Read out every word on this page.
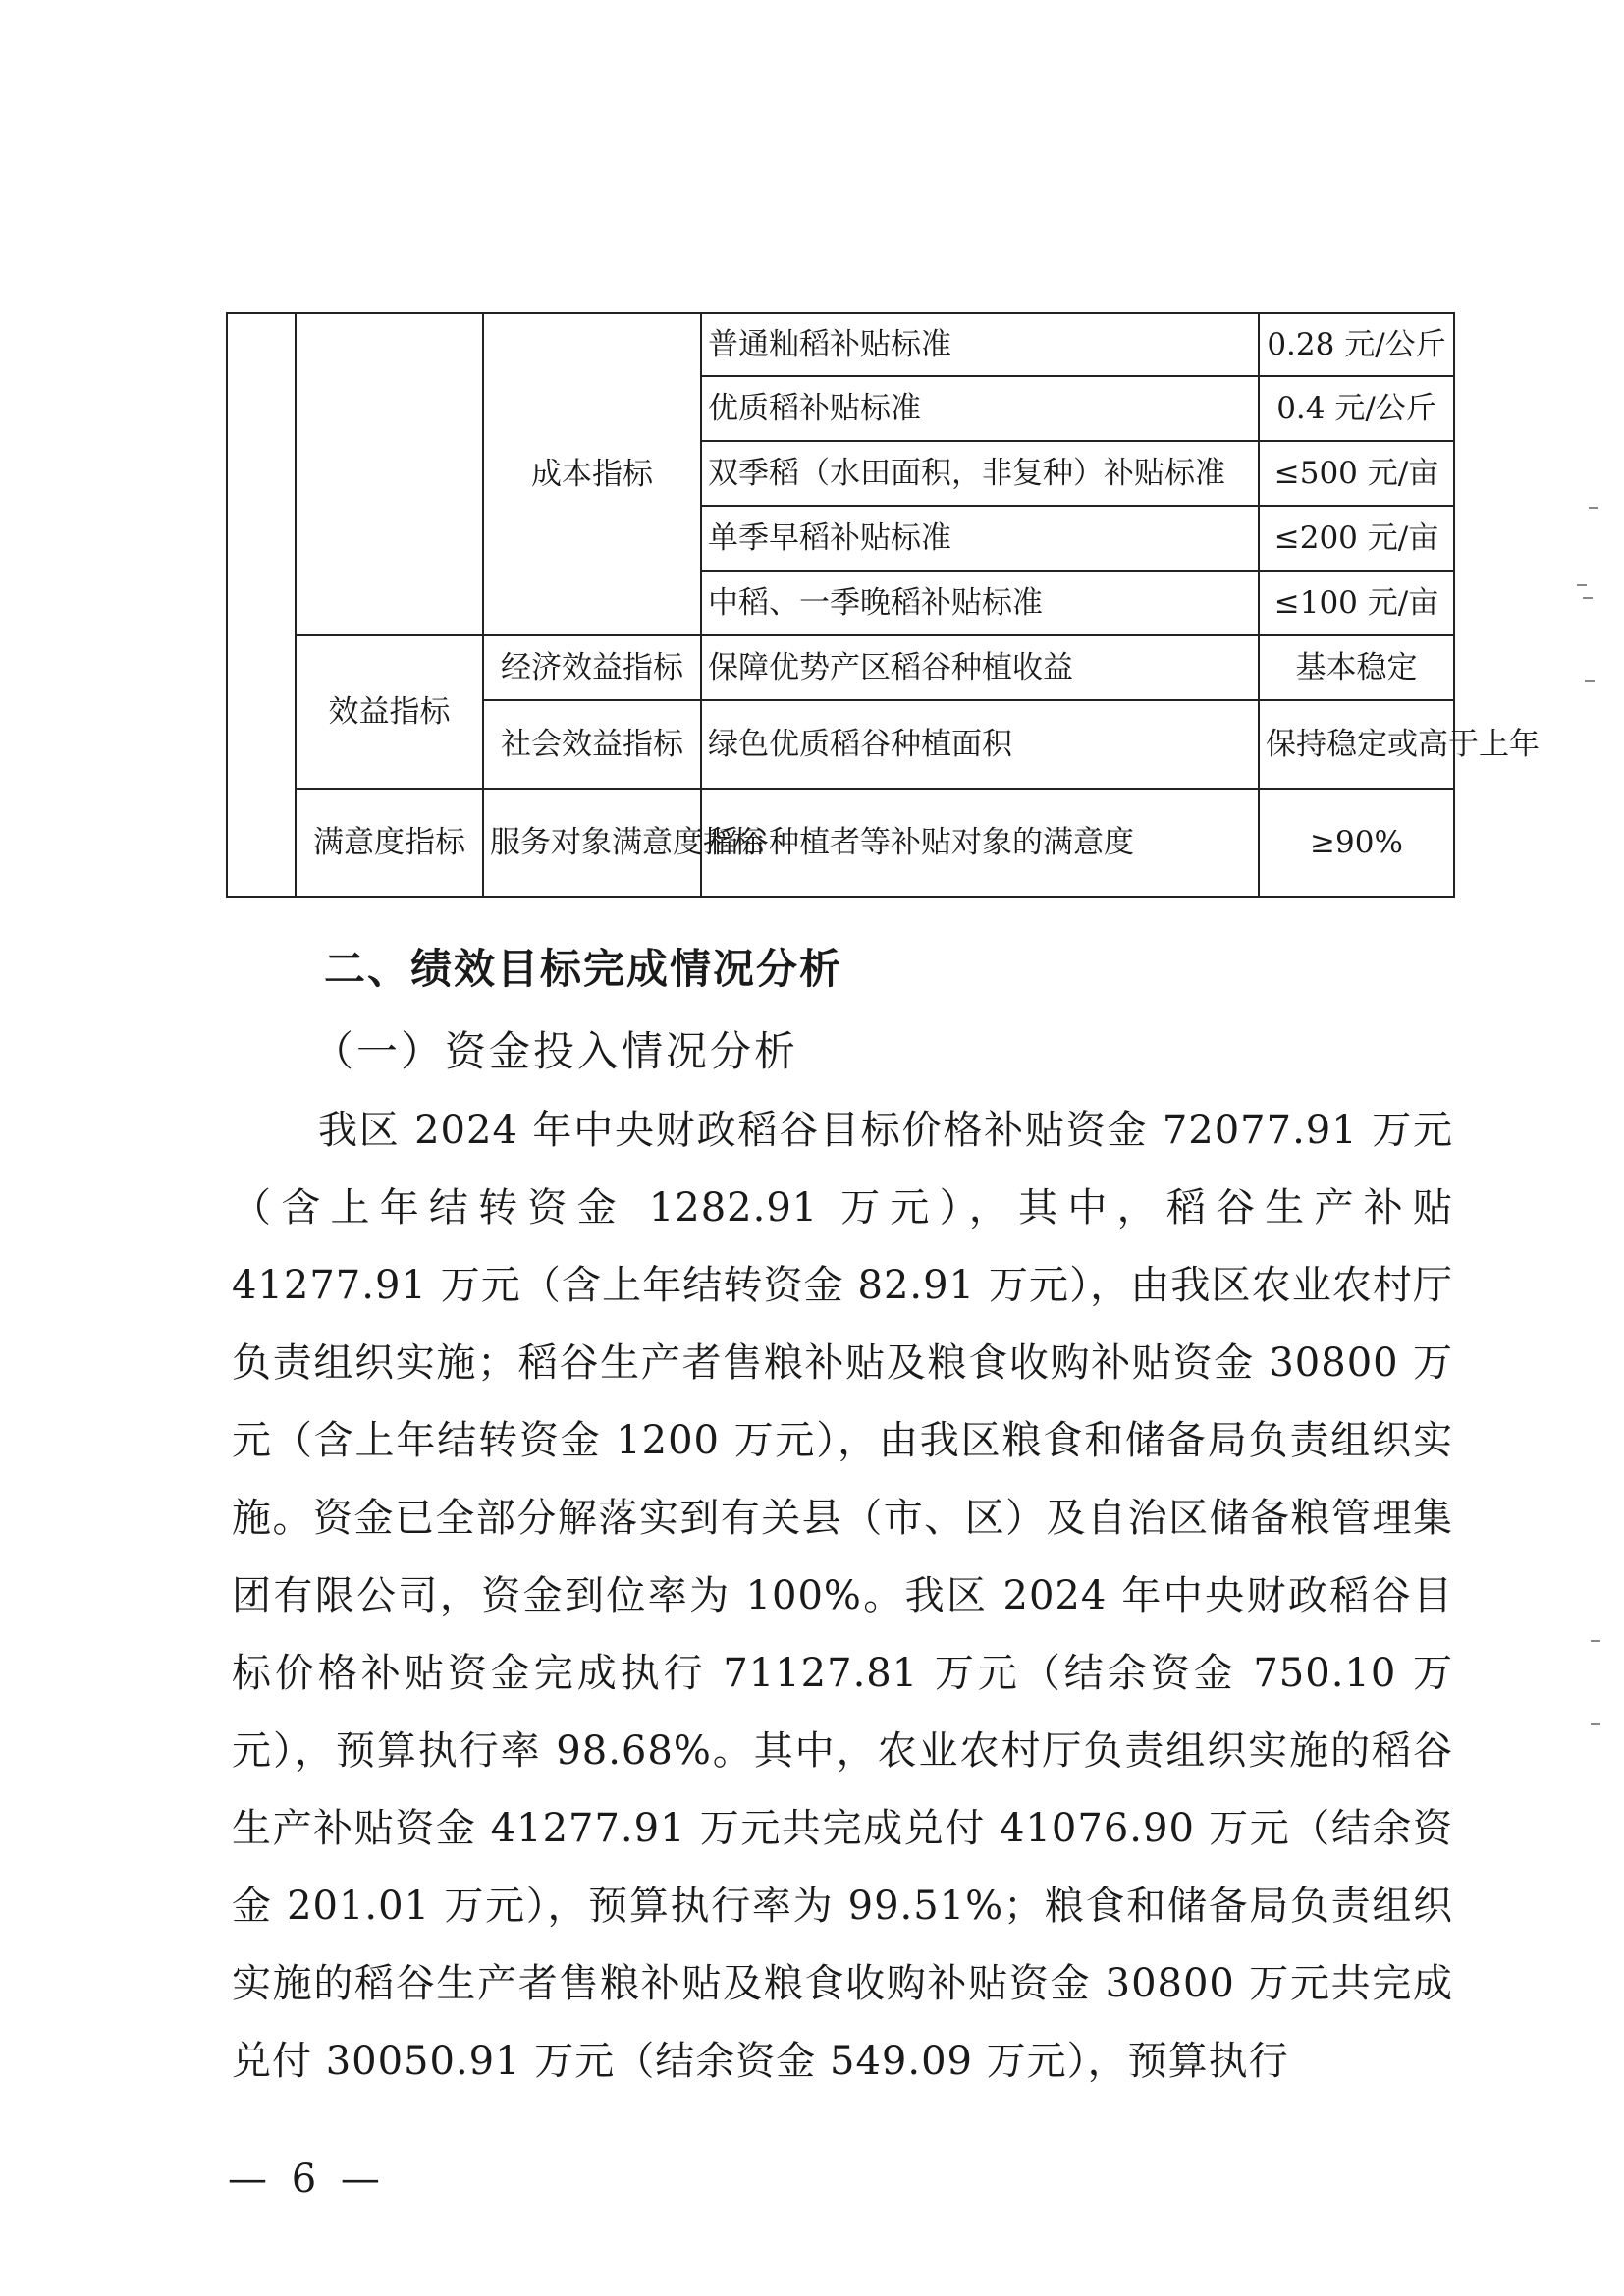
		成本指标	普通籼稻补贴标准	0.28 元/公斤
			优质稻补贴标准	0.4 元/公斤
			双季稻（水田面积，非复种）补贴标准	≤500 元/亩
			单季早稻补贴标准	≤200 元/亩
			中稻、一季晚稻补贴标准	≤100 元/亩
	效益指标	经济效益指标	保障优势产区稻谷种植收益	基本稳定
		社会效益指标	绿色优质稻谷种植面积	保持稳定或高于上年
	满意度指标	服务对象满意度指标	稻谷种植者等补贴对象的满意度	≥90%
二、绩效目标完成情况分析
（一）资金投入情况分析

我区 2024 年中央财政稻谷目标价格补贴资金 72077.91 万元（含上年结转资金 1282.91 万元），其中，稻谷生产补贴 41277.91 万元（含上年结转资金 82.91 万元），由我区农业农村厅负责组织实施；稻谷生产者售粮补贴及粮食收购补贴资金 30800 万元（含上年结转资金 1200 万元），由我区粮食和储备局负责组织实施。资金已全部分解落实到有关县（市、区）及自治区储备粮管理集团有限公司，资金到位率为 100%。我区 2024 年中央财政稻谷目标价格补贴资金完成执行 71127.81 万元（结余资金 750.10 万元），预算执行率 98.68%。其中，农业农村厅负责组织实施的稻谷生产补贴资金 41277.91 万元共完成兑付 41076.90 万元（结余资金 201.01 万元），预算执行率为 99.51%；粮食和储备局负责组织实施的稻谷生产者售粮补贴及粮食收购补贴资金 30800 万元共完成兑付 30050.91 万元（结余资金 549.09 万元），预算执行

— 6 —
